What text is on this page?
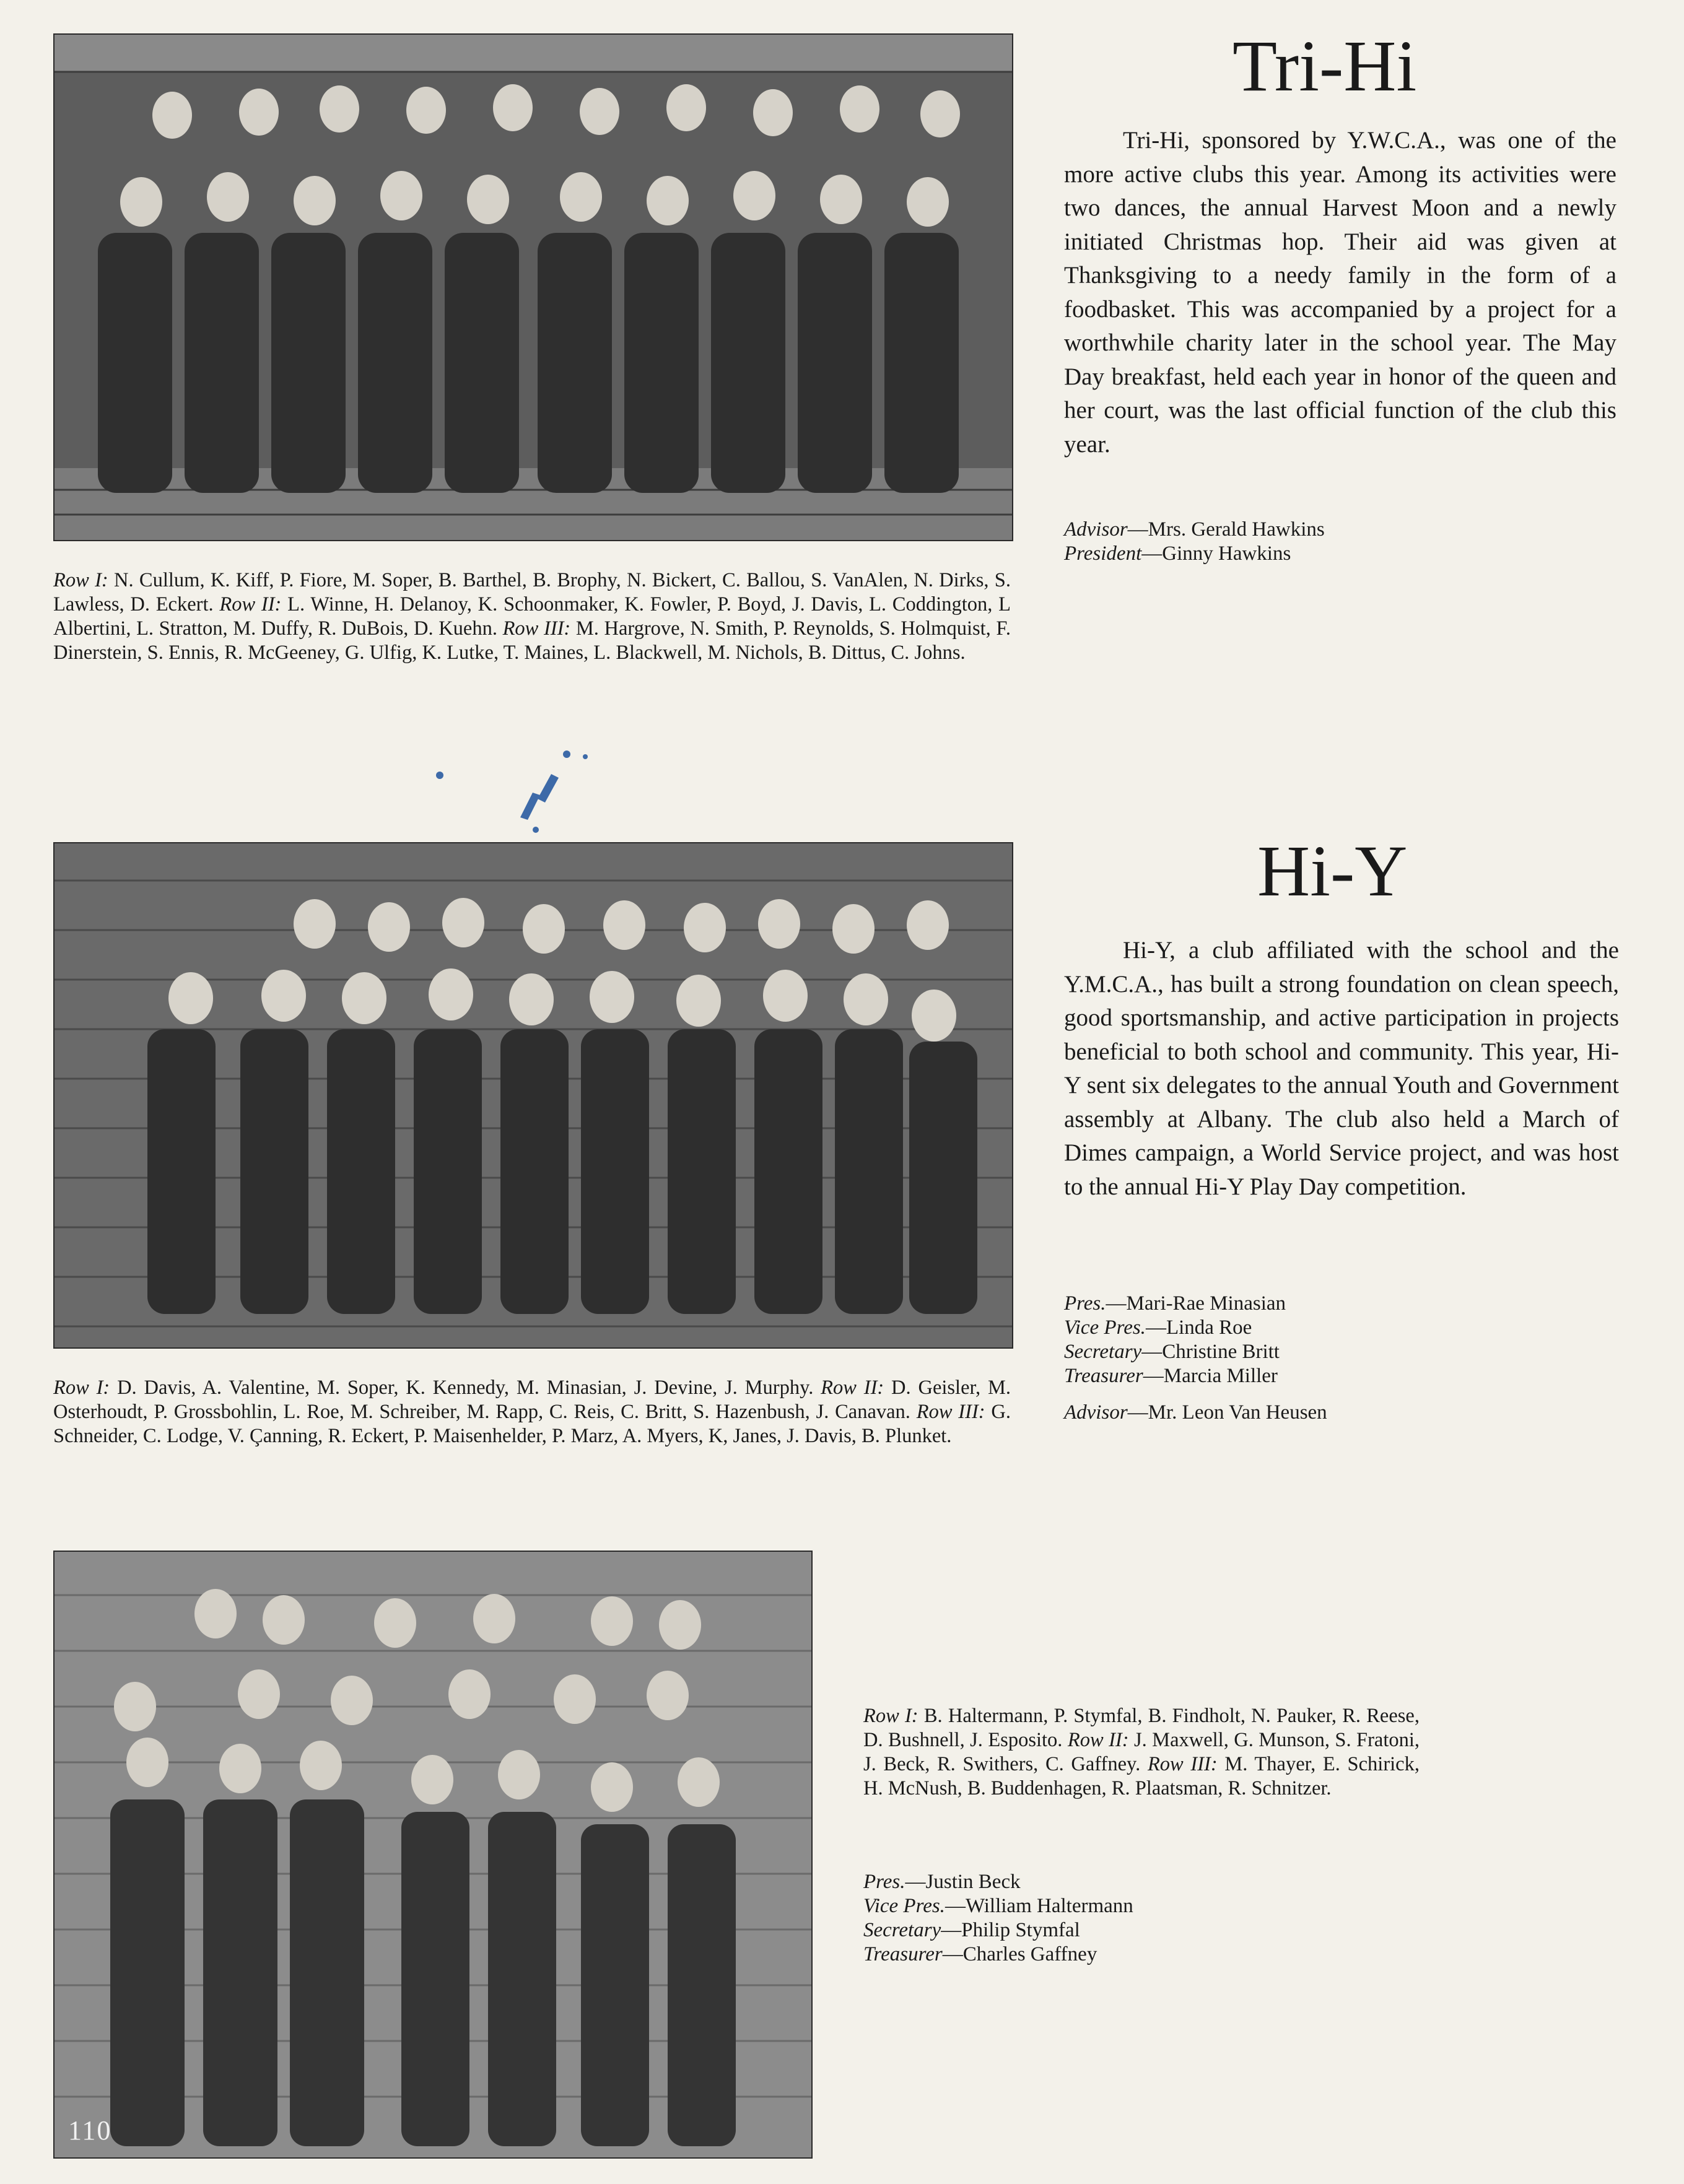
Tri-Hi

Tri-Hi, sponsored by Y.W.C.A., was one of the more active clubs this year. Among its activities were two dances, the annual Harvest Moon and a newly initiated Christmas hop. Their aid was given at Thanksgiving to a needy family in the form of a foodbasket. This was accompanied by a project for a worthwhile charity later in the school year. The May Day breakfast, held each year in honor of the queen and her court, was the last official function of the club this year.

Advisor—Mrs. Gerald Hawkins
President—Ginny Hawkins

Row I: N. Cullum, K. Kiff, P. Fiore, M. Soper, B. Barthel, B. Brophy, N. Bickert, C. Ballou, S. VanAlen, N. Dirks, S. Lawless, D. Eckert. Row II: L. Winne, H. Delanoy, K. Schoonmaker, K. Fowler, P. Boyd, J. Davis, L. Coddington, L Albertini, L. Stratton, M. Duffy, R. DuBois, D. Kuehn. Row III: M. Hargrove, N. Smith, P. Reynolds, S. Holmquist, F. Dinerstein, S. Ennis, R. McGeeney, G. Ulfig, K. Lutke, T. Maines, L. Blackwell, M. Nichols, B. Dittus, C. Johns.

Hi-Y

Hi-Y, a club affiliated with the school and the Y.M.C.A., has built a strong foundation on clean speech, good sportsmanship, and active participation in projects beneficial to both school and community. This year, Hi-Y sent six delegates to the annual Youth and Government assembly at Albany. The club also held a March of Dimes campaign, a World Service project, and was host to the annual Hi-Y Play Day competition.

Pres.—Mari-Rae Minasian
Vice Pres.—Linda Roe
Secretary—Christine Britt
Treasurer—Marcia Miller
Advisor—Mr. Leon Van Heusen

Row I: D. Davis, A. Valentine, M. Soper, K. Kennedy, M. Minasian, J. Devine, J. Murphy. Row II: D. Geisler, M. Osterhoudt, P. Grossbohlin, L. Roe, M. Schreiber, M. Rapp, C. Reis, C. Britt, S. Hazenbush, J. Canavan. Row III: G. Schneider, C. Lodge, V. Çanning, R. Eckert, P. Maisenhelder, P. Marz, A. Myers, K, Janes, J. Davis, B. Plunket.

110

Row I: B. Haltermann, P. Stymfal, B. Findholt, N. Pauker, R. Reese, D. Bushnell, J. Esposito. Row II: J. Maxwell, G. Munson, S. Fratoni, J. Beck, R. Swithers, C. Gaffney. Row III: M. Thayer, E. Schirick, H. McNush, B. Buddenhagen, R. Plaatsman, R. Schnitzer.

Pres.—Justin Beck
Vice Pres.—William Haltermann
Secretary—Philip Stymfal
Treasurer—Charles Gaffney
